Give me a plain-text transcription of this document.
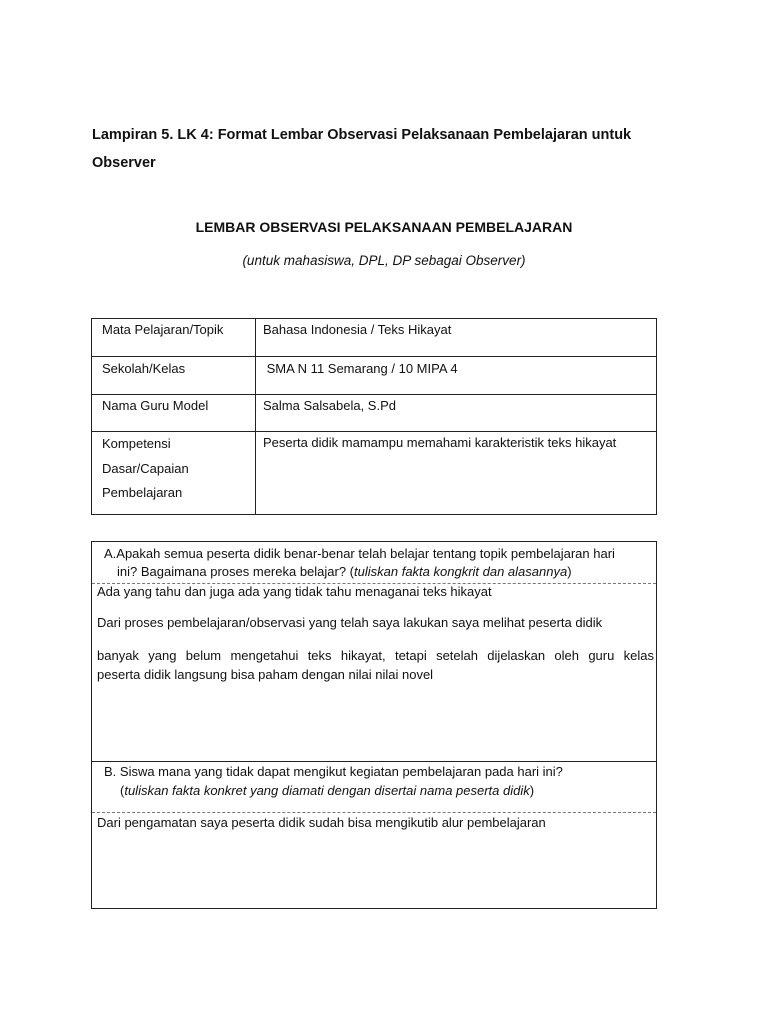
Lampiran 5. LK 4: Format Lembar Observasi Pelaksanaan Pembelajaran untuk
Observer

LEMBAR OBSERVASI PELAKSANAAN PEMBELAJARAN

(untuk mahasiswa, DPL, DP sebagai Observer)

Mata Pelajaran/Topik	Bahasa Indonesia / Teks Hikayat

Sekolah/Kelas	SMA N 11 Semarang / 10 MIPA 4

Nama Guru Model	Salma Salsabela, S.Pd

Kompetensi
Dasar/Capaian
Pembelajaran	Peserta didik mamampu memahami karakteristik teks hikayat
A.Apakah semua peserta didik benar-benar telah belajar tentang topik pembelajaran hari
ini? Bagaimana proses mereka belajar? (tuliskan fakta kongkrit dan alasannya)

Ada yang tahu dan juga ada yang tidak tahu menaganai teks hikayat

Dari proses pembelajaran/observasi yang telah saya lakukan saya melihat peserta didik

banyak yang belum mengetahui teks hikayat, tetapi setelah dijelaskan oleh guru kelas

peserta didik langsung bisa paham dengan nilai nilai novel

B. Siswa mana yang tidak dapat mengikut kegiatan pembelajaran pada hari ini?
(tuliskan fakta konkret yang diamati dengan disertai nama peserta didik)

Dari pengamatan saya peserta didik sudah bisa mengikutib alur pembelajaran
